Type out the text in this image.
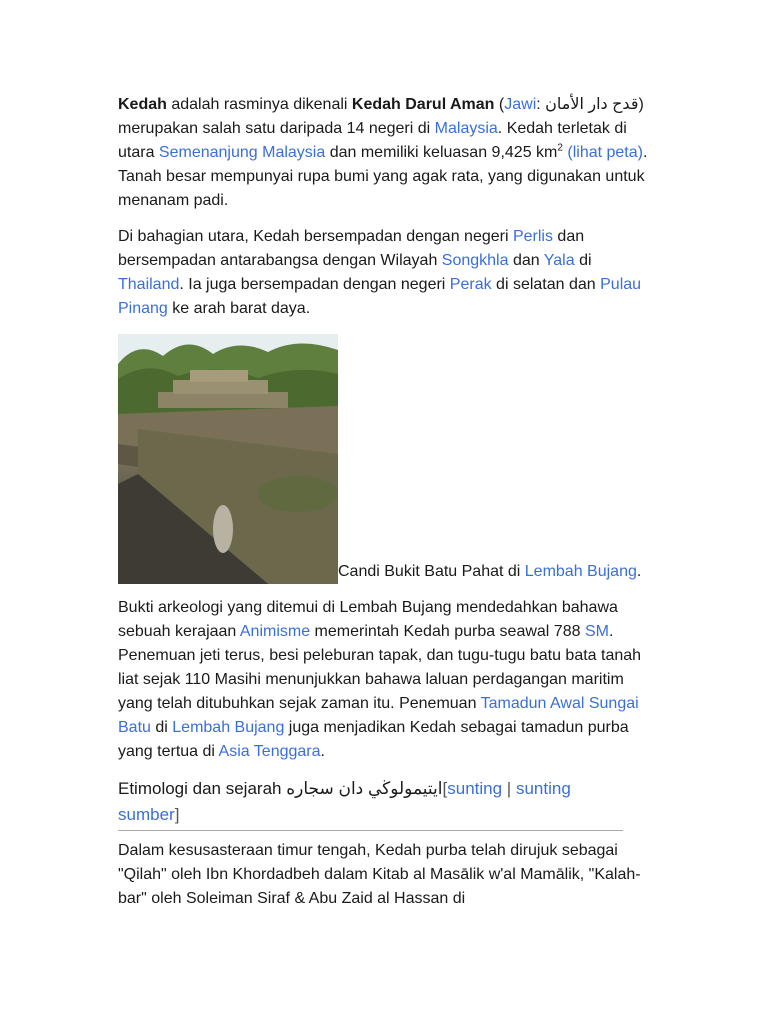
Kedah adalah rasminya dikenali Kedah Darul Aman (Jawi: قدح دار الأمان) merupakan salah satu daripada 14 negeri di Malaysia. Kedah terletak di utara Semenanjung Malaysia dan memiliki keluasan 9,425 $km^2$ (lihat peta). Tanah besar mempunyai rupa bumi yang agak rata, yang digunakan untuk menanam padi.

Di bahagian utara, Kedah bersempadan dengan negeri Perlis dan bersempadan antarabangsa dengan Wilayah Songkhla dan Yala di Thailand. Ia juga bersempadan dengan negeri Perak di selatan dan Pulau Pinang ke arah barat daya.

Candi Bukit Batu Pahat di Lembah Bujang.

Bukti arkeologi yang ditemui di Lembah Bujang mendedahkan bahawa sebuah kerajaan Animisme memerintah Kedah purba seawal 788 SM. Penemuan jeti terus, besi peleburan tapak, dan tugu-tugu batu bata tanah liat sejak 110 Masihi menunjukkan bahawa laluan perdagangan maritim yang telah ditubuhkan sejak zaman itu. Penemuan Tamadun Awal Sungai Batu di Lembah Bujang juga menjadikan Kedah sebagai tamadun purba yang tertua di Asia Tenggara.

Etimologi dan sejarah ايتيمولوڬي دان سجاره[sunting | sunting sumber]

Dalam kesusasteraan timur tengah, Kedah purba telah dirujuk sebagai "Qilah" oleh Ibn Khordadbeh dalam Kitab al Masālik w'al Mamālik, "Kalah-bar" oleh Soleiman Siraf & Abu Zaid al Hassan di
